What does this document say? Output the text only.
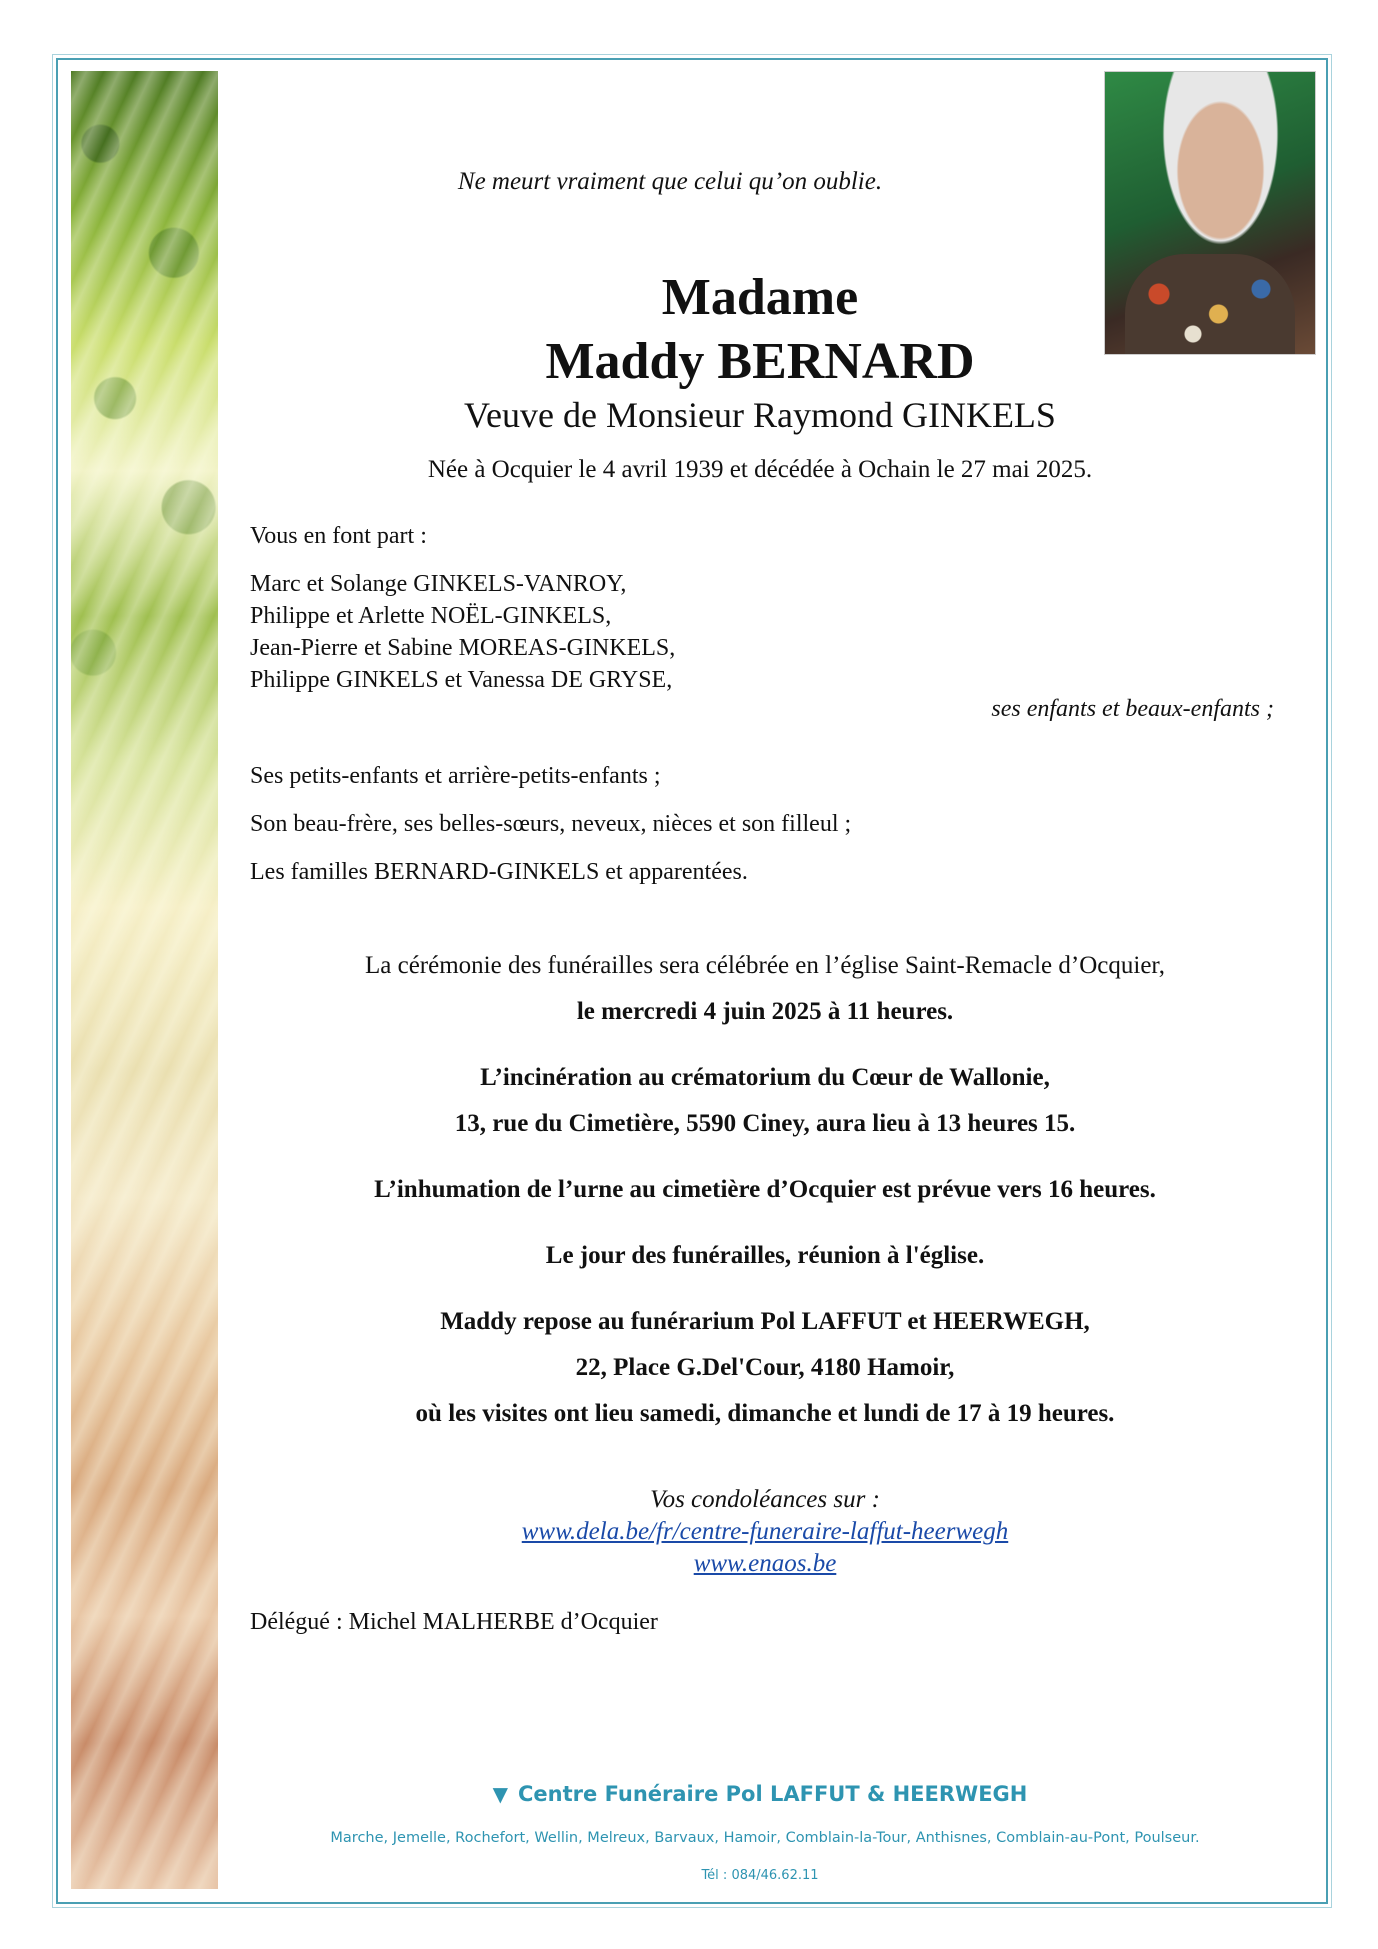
Ne meurt vraiment que celui qu’on oublie.
Madame
Maddy BERNARD
Veuve de Monsieur Raymond GINKELS
Née à Ocquier le 4 avril 1939 et décédée à Ochain le 27 mai 2025.
Vous en font part :
Marc et Solange GINKELS-VANROY,
Philippe et Arlette NOËL-GINKELS,
Jean-Pierre et Sabine MOREAS-GINKELS,
Philippe GINKELS et Vanessa DE GRYSE,
ses enfants et beaux-enfants ;
Ses petits-enfants et arrière-petits-enfants ;
Son beau-frère, ses belles-sœurs, neveux, nièces et son filleul ;
Les familles BERNARD-GINKELS et apparentées.
La cérémonie des funérailles sera célébrée en l’église Saint-Remacle d’Ocquier,
le mercredi 4 juin 2025 à 11 heures.
L’incinération au crématorium du Cœur de Wallonie,
13, rue du Cimetière, 5590 Ciney, aura lieu à 13 heures 15.
L’inhumation de l’urne au cimetière d’Ocquier est prévue vers 16 heures.
Le jour des funérailles, réunion à l'église.
Maddy repose au funérarium Pol LAFFUT et HEERWEGH,
22, Place G.Del'Cour, 4180 Hamoir,
où les visites ont lieu samedi, dimanche et lundi de 17 à 19 heures.
Vos condoléances sur :
www.dela.be/fr/centre-funeraire-laffut-heerwegh
www.enaos.be
Délégué : Michel MALHERBE d’Ocquier
▼ Centre Funéraire Pol LAFFUT & HEERWEGH
Marche, Jemelle, Rochefort, Wellin, Melreux, Barvaux, Hamoir, Comblain-la-Tour, Anthisnes, Comblain-au-Pont, Poulseur.
Tél : 084/46.62.11
